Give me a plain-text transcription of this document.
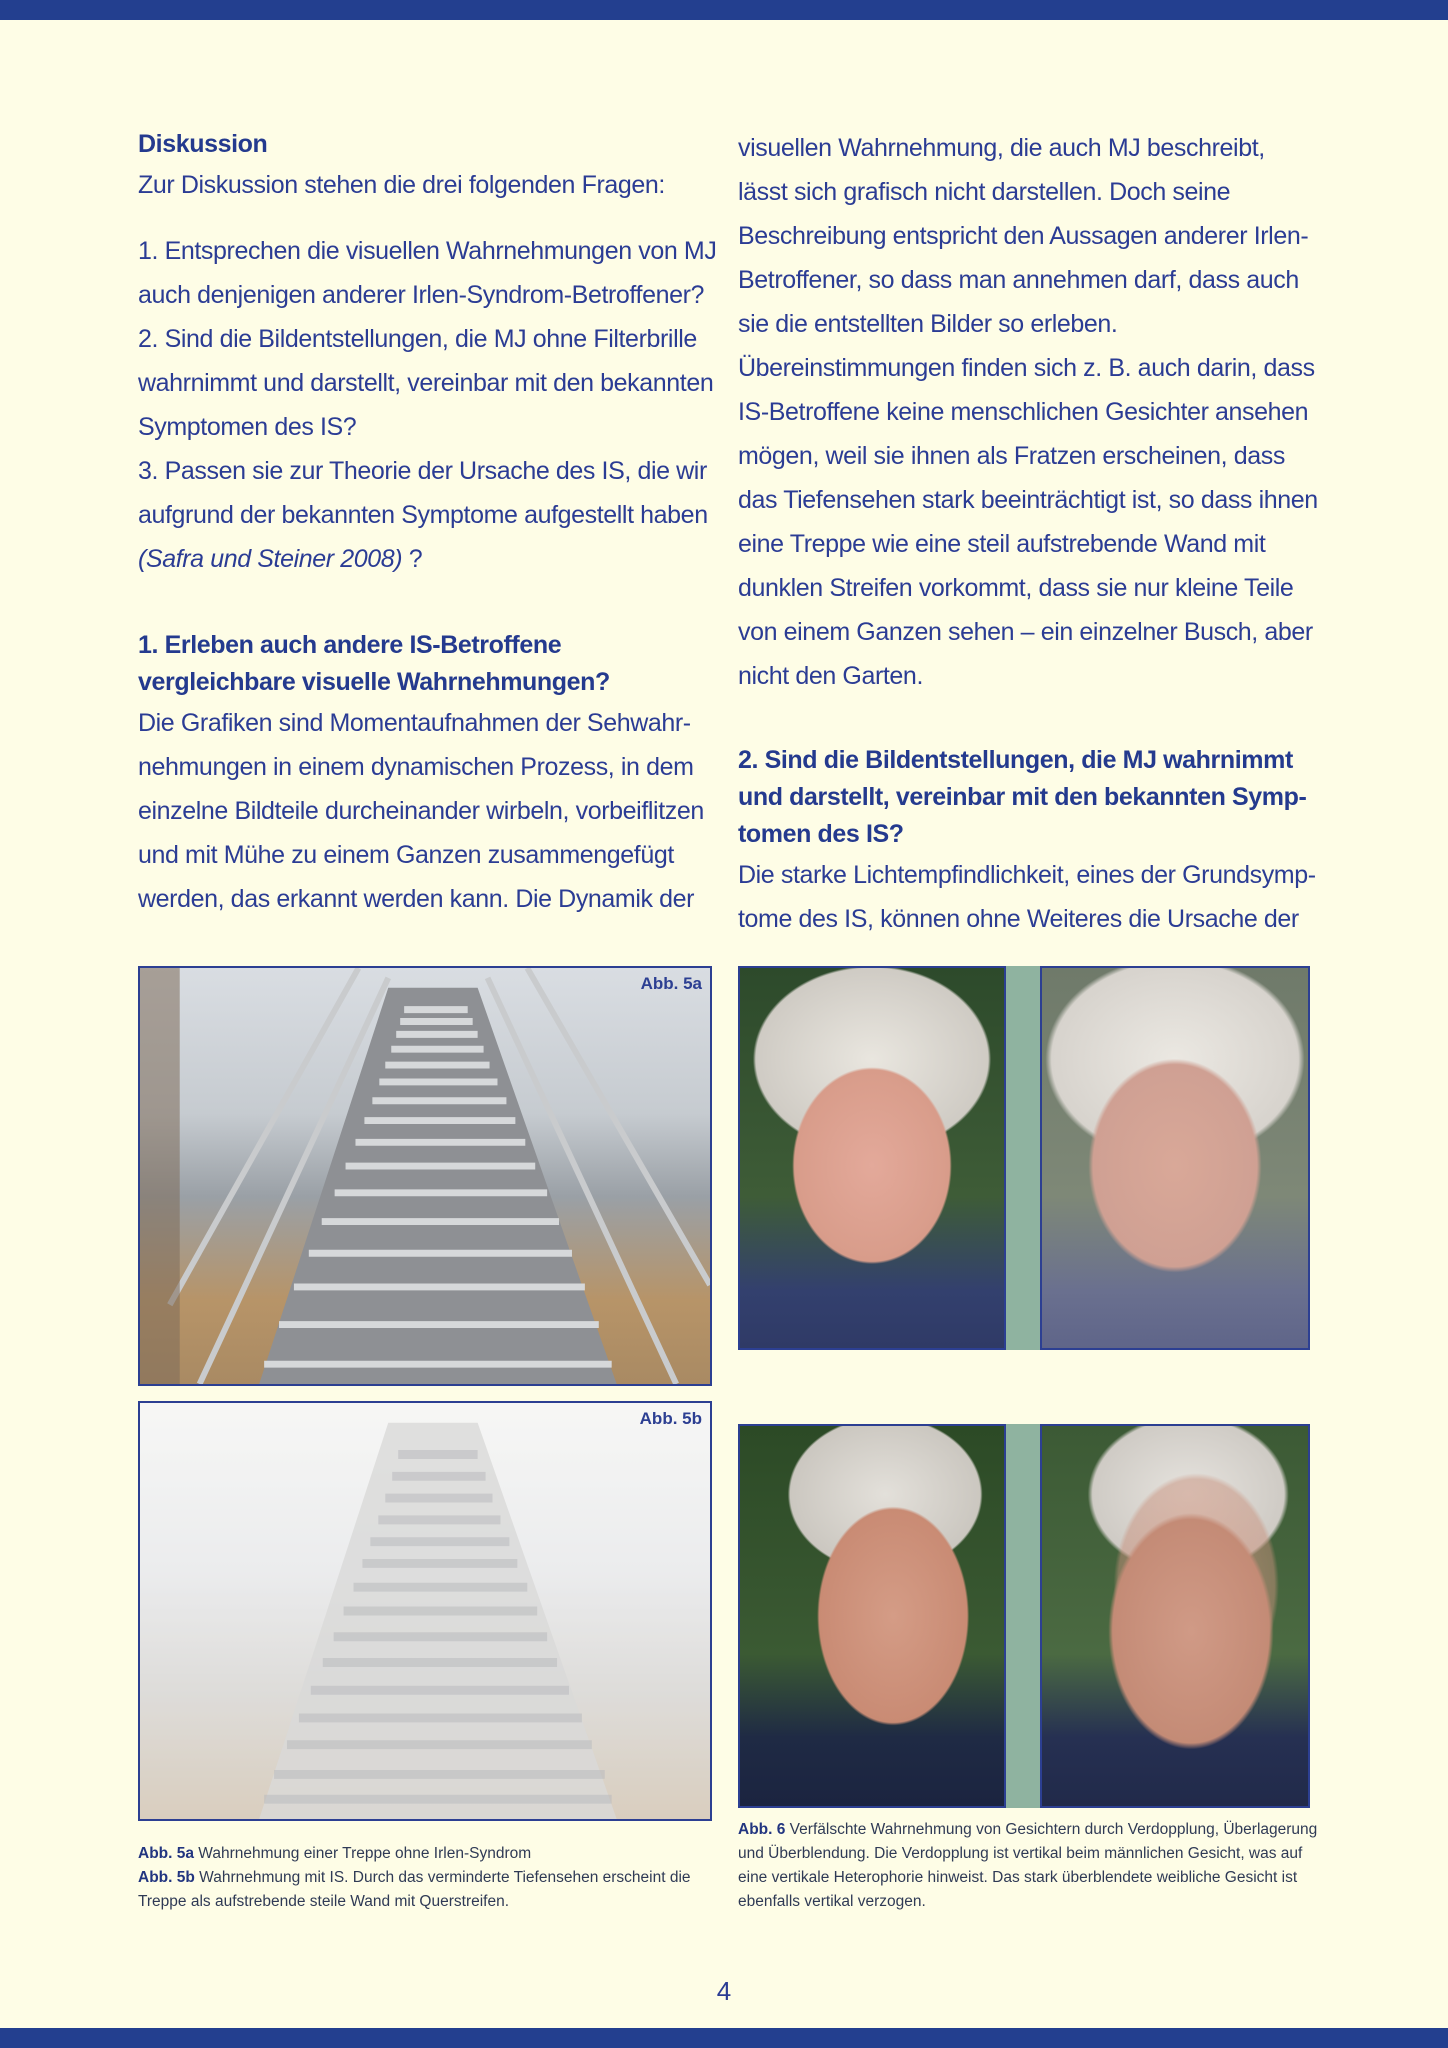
Diskussion

Zur Diskussion stehen die drei folgenden Fragen:

1. Entsprechen die visuellen Wahrnehmungen von MJ auch denjenigen anderer Irlen-Syndrom-Betroffener?

2. Sind die Bildentstellungen, die MJ ohne Filterbrille wahrnimmt und darstellt, vereinbar mit den bekannten Symptomen des IS?

3. Passen sie zur Theorie der Ursache des IS, die wir aufgrund der bekannten Symptome aufgestellt haben (Safra und Steiner 2008) ?

1. Erleben auch andere IS-Betroffene vergleichbare visuelle Wahrnehmungen?

Die Grafiken sind Momentaufnahmen der Sehwahr-nehmungen in einem dynamischen Prozess, in dem einzelne Bildteile durcheinander wirbeln, vorbeiflitzen und mit Mühe zu einem Ganzen zusammengefügt werden, das erkannt werden kann. Die Dynamik der

visuellen Wahrnehmung, die auch MJ beschreibt, lässt sich grafisch nicht darstellen. Doch seine Beschreibung entspricht den Aussagen anderer Irlen-Betroffener, so dass man annehmen darf, dass auch sie die entstellten Bilder so erleben.

Übereinstimmungen finden sich z. B. auch darin, dass IS-Betroffene keine menschlichen Gesichter ansehen mögen, weil sie ihnen als Fratzen erscheinen, dass das Tiefensehen stark beeinträchtigt ist, so dass ihnen eine Treppe wie eine steil aufstrebende Wand mit dunklen Streifen vorkommt, dass sie nur kleine Teile von einem Ganzen sehen – ein einzelner Busch, aber nicht den Garten.

2. Sind die Bildentstellungen, die MJ wahrnimmt und darstellt, vereinbar mit den bekannten Symp-tomen des IS?

Die starke Lichtempfindlichkeit, eines der Grundsymp-tome des IS, können ohne Weiteres die Ursache der

Abb. 5a
Abb. 5b
Abb. 5a Wahrnehmung einer Treppe ohne Irlen-Syndrom
Abb. 5b Wahrnehmung mit IS. Durch das verminderte Tiefensehen erscheint die Treppe als aufstrebende steile Wand mit Querstreifen.
Abb. 6 Verfälschte Wahrnehmung von Gesichtern durch Verdopplung, Überlagerung und Überblendung. Die Verdopplung ist vertikal beim männlichen Gesicht, was auf eine vertikale Heterophorie hinweist. Das stark überblendete weibliche Gesicht ist ebenfalls vertikal verzogen.
4
